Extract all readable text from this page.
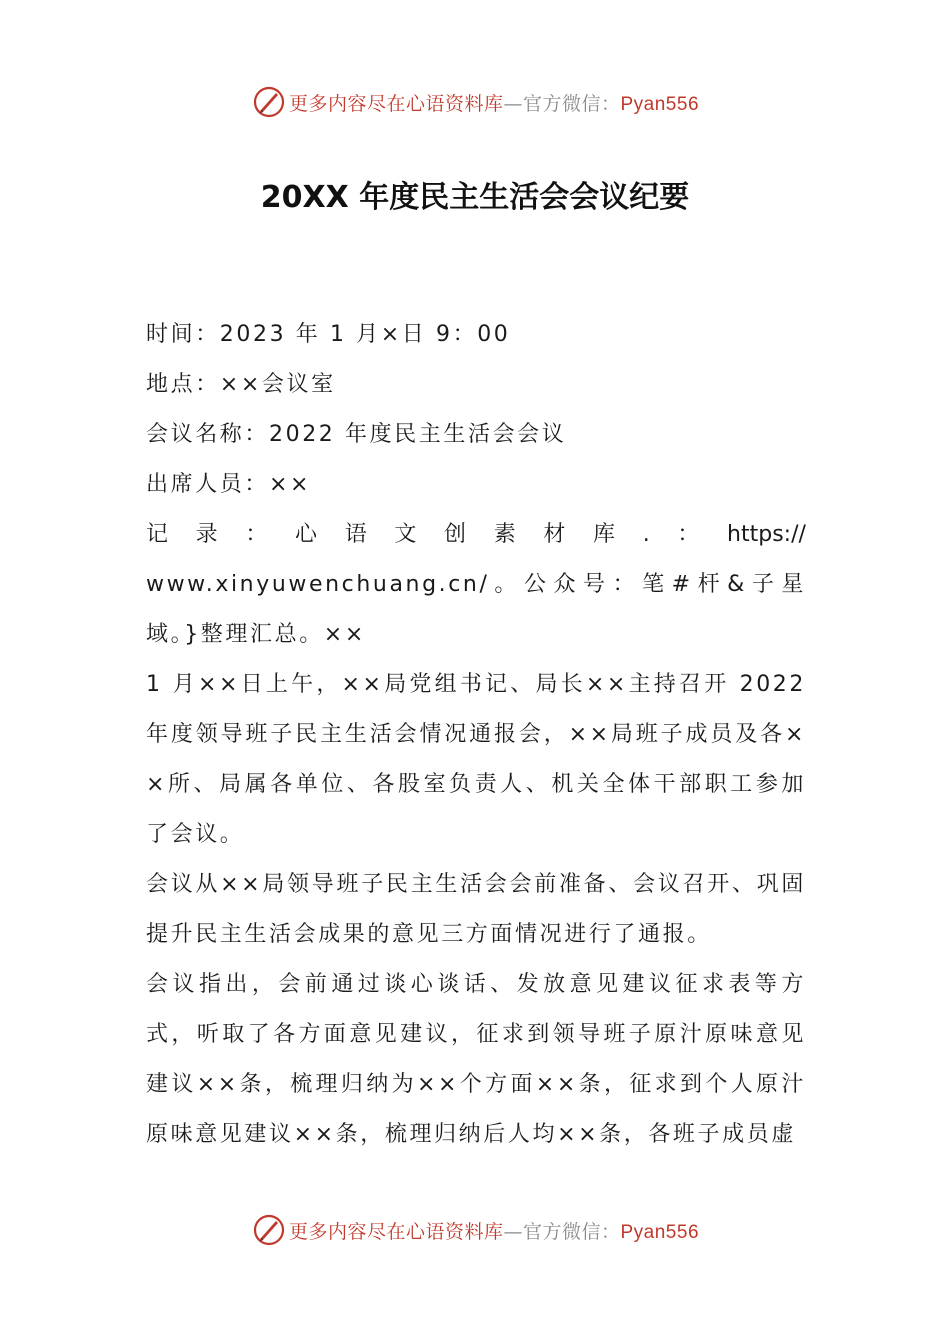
更多内容尽在心语资料库—官方微信：Pyan556
20XX 年度民主生活会会议纪要

时间：2023 年 1 月×日 9：00

地点：××会议室

会议名称：2022 年度民主生活会会议

出席人员：××

记 录 ： 心 语 文 创 素 材 库 . ： https://
www.xinyuwenchuang.cn/。公众号：笔#杆&子星域。}整理汇总。××

1 月××日上午，××局党组书记、局长××主持召开 2022 年度领导班子民主生活会情况通报会，××局班子成员及各××所、局属各单位、各股室负责人、机关全体干部职工参加了会议。

会议从××局领导班子民主生活会会前准备、会议召开、巩固提升民主生活会成果的意见三方面情况进行了通报。

会议指出，会前通过谈心谈话、发放意见建议征求表等方式，听取了各方面意见建议，征求到领导班子原汁原味意见建议××条，梳理归纳为××个方面××条，征求到个人原汁原味意见建议××条，梳理归纳后人均××条，各班子成员虚

更多内容尽在心语资料库—官方微信：Pyan556
